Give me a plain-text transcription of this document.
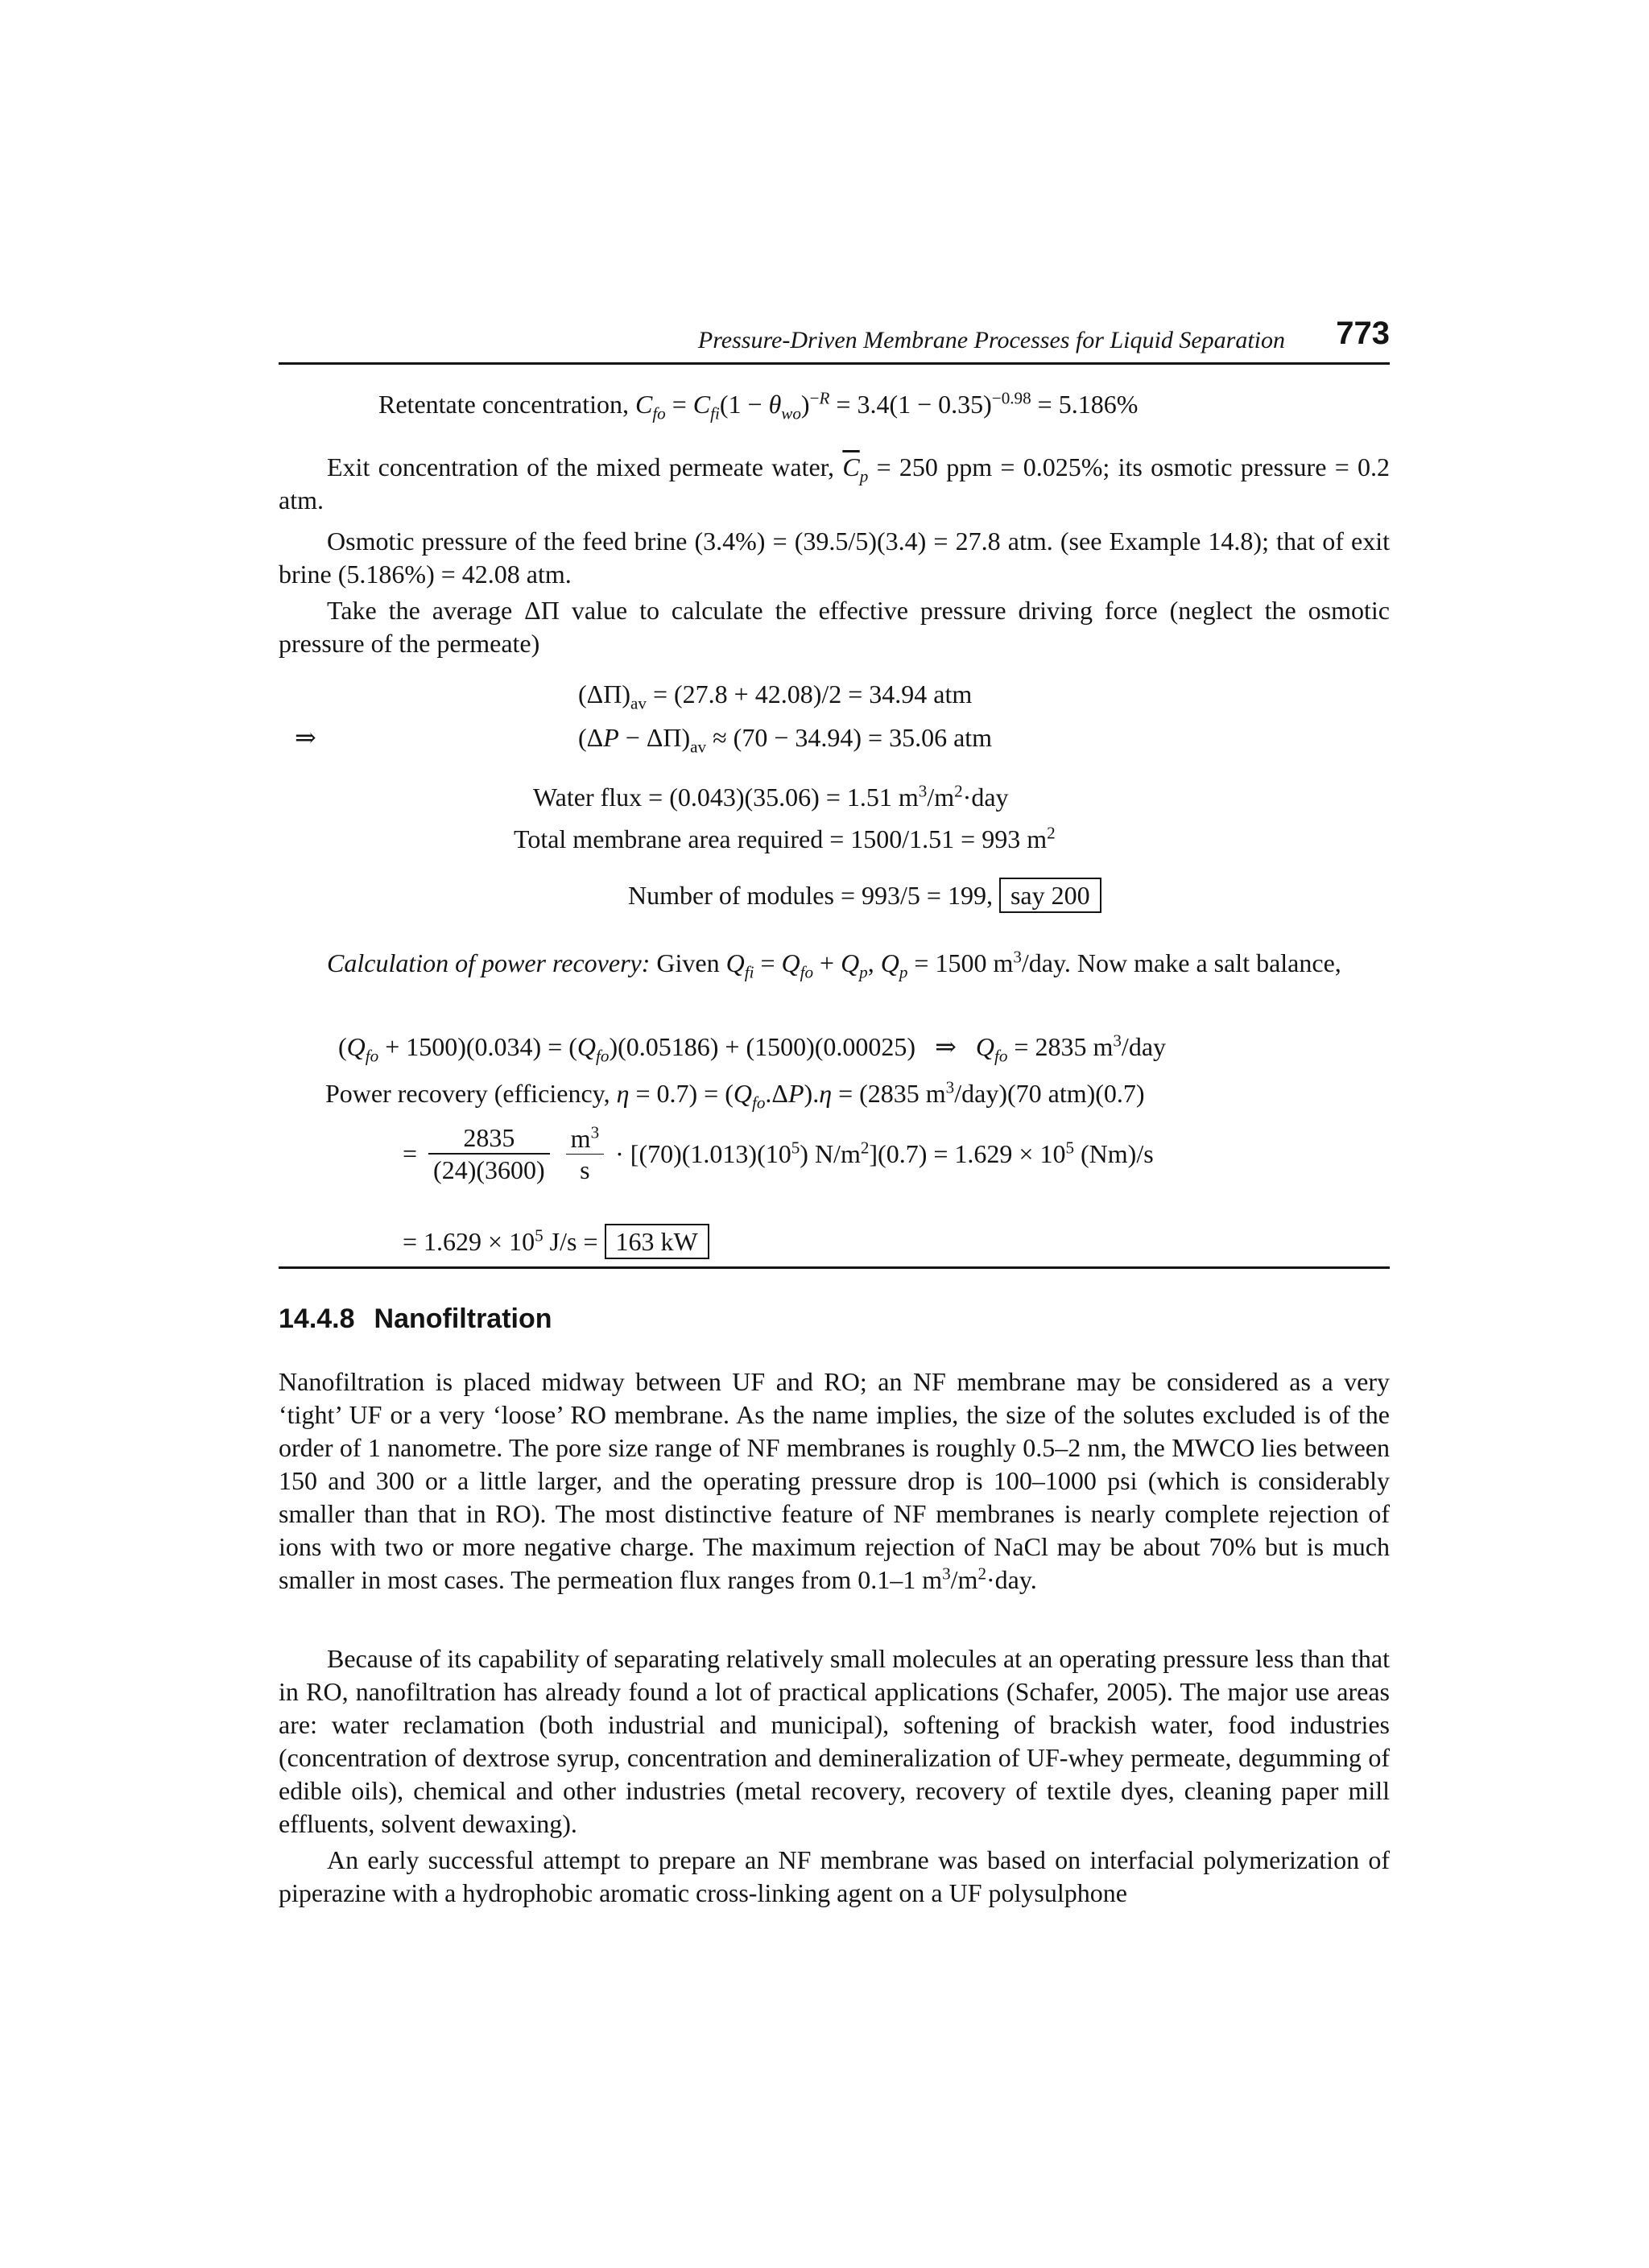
Pressure-Driven Membrane Processes for Liquid Separation 773
Retentate concentration, $C_{fo} = C_{fi}(1 - \theta_{wo})^{-R} = 3.4(1 - 0.35)^{-0.98} = 5.186\%$
Exit concentration of the mixed permeate water, $\overline{C}_p = 250$ ppm = 0.025%; its osmotic pressure = 0.2 atm.
Osmotic pressure of the feed brine (3.4%) = (39.5/5)(3.4) = 27.8 atm. (see Example 14.8); that of exit brine (5.186%) = 42.08 atm.
Take the average ΔΠ value to calculate the effective pressure driving force (neglect the osmotic pressure of the permeate)
$(\Delta\Pi)_{av} = (27.8 + 42.08)/2 = 34.94$ atm
⇒	$(\Delta P - \Delta\Pi)_{av} \approx (70 - 34.94) = 35.06$ atm
Water flux = (0.043)(35.06) = 1.51 $m^3/m^2\cdot day$
Total membrane area required = 1500/1.51 = 993 $m^2$
Number of modules = 993/5 = 199, say 200
Calculation of power recovery: Given $Q_{fi} = Q_{fo} + Q_p$, $Q_p = 1500$ $m^3$/day. Now make a salt balance,
$(Q_{fo} + 1500)(0.034) = (Q_{fo})(0.05186) + (1500)(0.00025)$   ⇒   $Q_{fo} = 2835$ $m^3$/day
Power recovery (efficiency, $\eta = 0.7) = (Q_{fo}.\Delta P).\eta = (2835$ $m^3/day)(70$ atm)(0.7)
= $\frac{2835}{(24)(3600)}$
$\frac{m^3}{s} \cdot [(70)(1.013)(10^5) N/m^2](0.7) = 1.629 \times 10^5$ (Nm)/s
= $1.629 \times 10^5$ J/s = 163 kW
14.4.8 Nanofiltration
Nanofiltration is placed midway between UF and RO; an NF membrane may be considered as a very ‘tight’ UF or a very ‘loose’ RO membrane. As the name implies, the size of the solutes excluded is of the order of 1 nanometre. The pore size range of NF membranes is roughly 0.5–2 nm, the MWCO lies between 150 and 300 or a little larger, and the operating pressure drop is 100–1000 psi (which is considerably smaller than that in RO). The most distinctive feature of NF membranes is nearly complete rejection of ions with two or more negative charge. The maximum rejection of NaCl may be about 70% but is much smaller in most cases. The permeation flux ranges from 0.1–1 $m^3/m^2\cdot day$.
Because of its capability of separating relatively small molecules at an operating pressure less than that in RO, nanofiltration has already found a lot of practical applications (Schafer, 2005). The major use areas are: water reclamation (both industrial and municipal), softening of brackish water, food industries (concentration of dextrose syrup, concentration and demineralization of UF-whey permeate, degumming of edible oils), chemical and other industries (metal recovery, recovery of textile dyes, cleaning paper mill effluents, solvent dewaxing).
An early successful attempt to prepare an NF membrane was based on interfacial polymerization of piperazine with a hydrophobic aromatic cross-linking agent on a UF polysulphone
